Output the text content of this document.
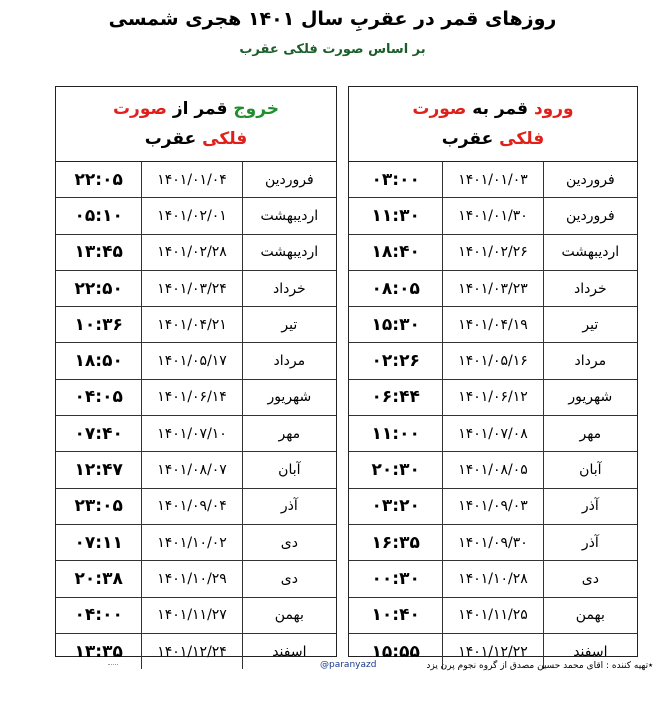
روزهای قمر در عقربِ سال ۱۴۰۱ هجری شمسی
بر اساس صورت فلکی عقرب
ورود قمر به صورت
فلکی عقرب
فروردین
۱۴۰۱/۰۱/۰۳
۰۳:۰۰
فروردین
۱۴۰۱/۰۱/۳۰
۱۱:۳۰
اردیبهشت
۱۴۰۱/۰۲/۲۶
۱۸:۴۰
خرداد
۱۴۰۱/۰۳/۲۳
۰۸:۰۵
تیر
۱۴۰۱/۰۴/۱۹
۱۵:۳۰
مرداد
۱۴۰۱/۰۵/۱۶
۰۲:۲۶
شهریور
۱۴۰۱/۰۶/۱۲
۰۶:۴۴
مهر
۱۴۰۱/۰۷/۰۸
۱۱:۰۰
آبان
۱۴۰۱/۰۸/۰۵
۲۰:۳۰
آذر
۱۴۰۱/۰۹/۰۳
۰۳:۲۰
آذر
۱۴۰۱/۰۹/۳۰
۱۶:۳۵
دی
۱۴۰۱/۱۰/۲۸
۰۰:۳۰
بهمن
۱۴۰۱/۱۱/۲۵
۱۰:۴۰
اسفند
۱۴۰۱/۱۲/۲۲
۱۵:۵۵
خروج قمر از صورت
فلکی عقرب
فروردین
۱۴۰۱/۰۱/۰۴
۲۲:۰۵
اردیبهشت
۱۴۰۱/۰۲/۰۱
۰۵:۱۰
اردیبهشت
۱۴۰۱/۰۲/۲۸
۱۳:۴۵
خرداد
۱۴۰۱/۰۳/۲۴
۲۲:۵۰
تیر
۱۴۰۱/۰۴/۲۱
۱۰:۳۶
مرداد
۱۴۰۱/۰۵/۱۷
۱۸:۵۰
شهریور
۱۴۰۱/۰۶/۱۴
۰۴:۰۵
مهر
۱۴۰۱/۰۷/۱۰
۰۷:۴۰
آبان
۱۴۰۱/۰۸/۰۷
۱۲:۴۷
آذر
۱۴۰۱/۰۹/۰۴
۲۳:۰۵
دی
۱۴۰۱/۱۰/۰۲
۰۷:۱۱
دی
۱۴۰۱/۱۰/۲۹
۲۰:۳۸
بهمن
۱۴۰۱/۱۱/۲۷
۰۴:۰۰
اسفند
۱۴۰۱/۱۲/۲۴
۱۳:۳۵
٭تهیه کننده : اقای محمد حسین مصدق از گروه نجوم پرن یزد
@paranyazd
